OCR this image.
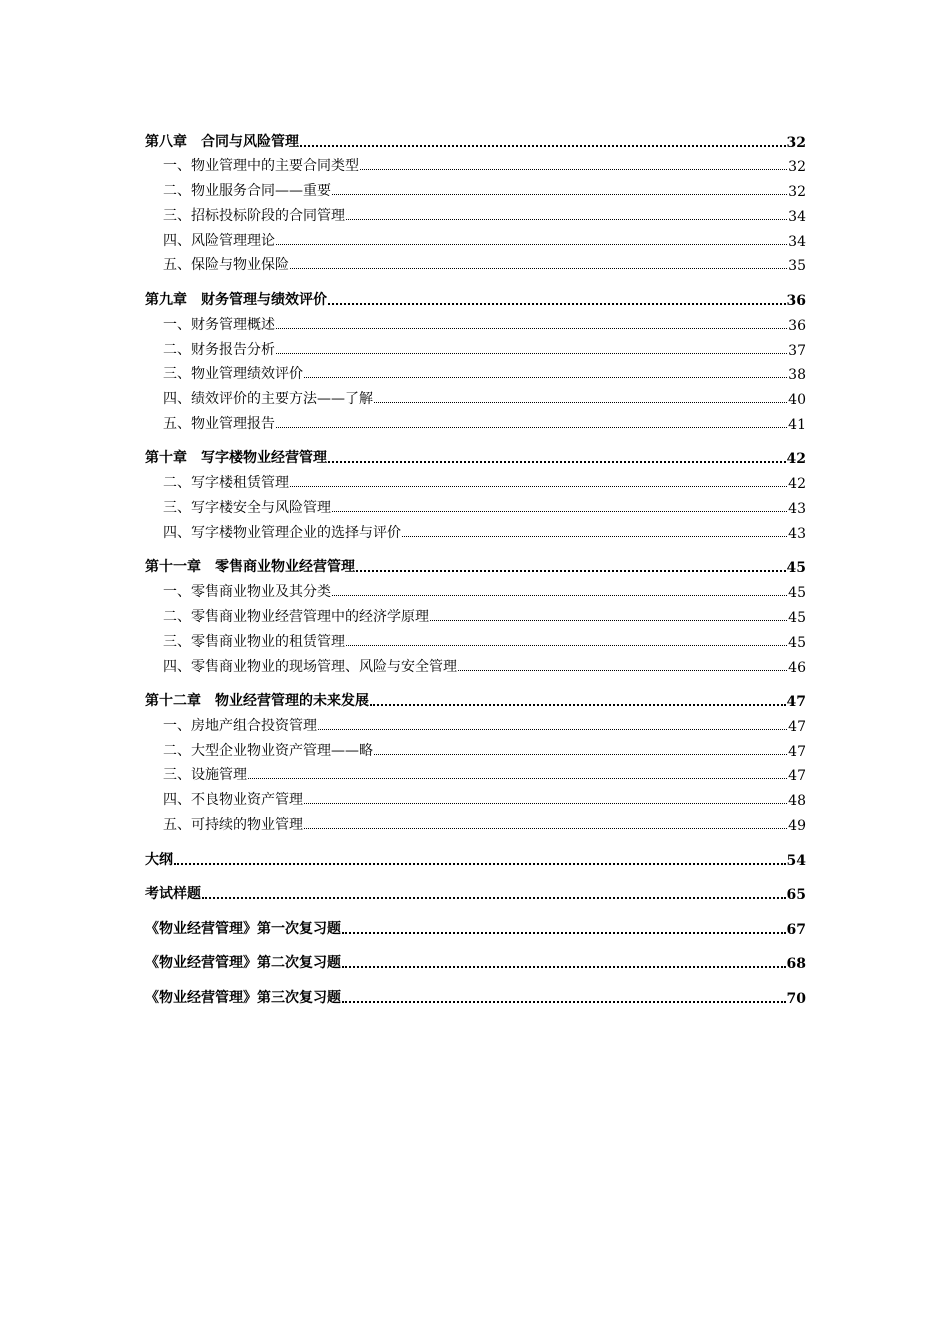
第八章　合同与风险管理	32
一、物业管理中的主要合同类型	32
二、物业服务合同——重要	32
三、招标投标阶段的合同管理	34
四、风险管理理论	34
五、保险与物业保险	35
第九章　财务管理与绩效评价	36
一、财务管理概述	36
二、财务报告分析	37
三、物业管理绩效评价	38
四、绩效评价的主要方法——了解	40
五、物业管理报告	41
第十章　写字楼物业经营管理	42
二、写字楼租赁管理	42
三、写字楼安全与风险管理	43
四、写字楼物业管理企业的选择与评价	43
第十一章　零售商业物业经营管理	45
一、零售商业物业及其分类	45
二、零售商业物业经营管理中的经济学原理	45
三、零售商业物业的租赁管理	45
四、零售商业物业的现场管理、风险与安全管理	46
第十二章　物业经营管理的未来发展	47
一、房地产组合投资管理	47
二、大型企业物业资产管理——略	47
三、设施管理	47
四、不良物业资产管理	48
五、可持续的物业管理	49
大纲	54
考试样题	65
《物业经营管理》第一次复习题	67
《物业经营管理》第二次复习题	68
《物业经营管理》第三次复习题	70
